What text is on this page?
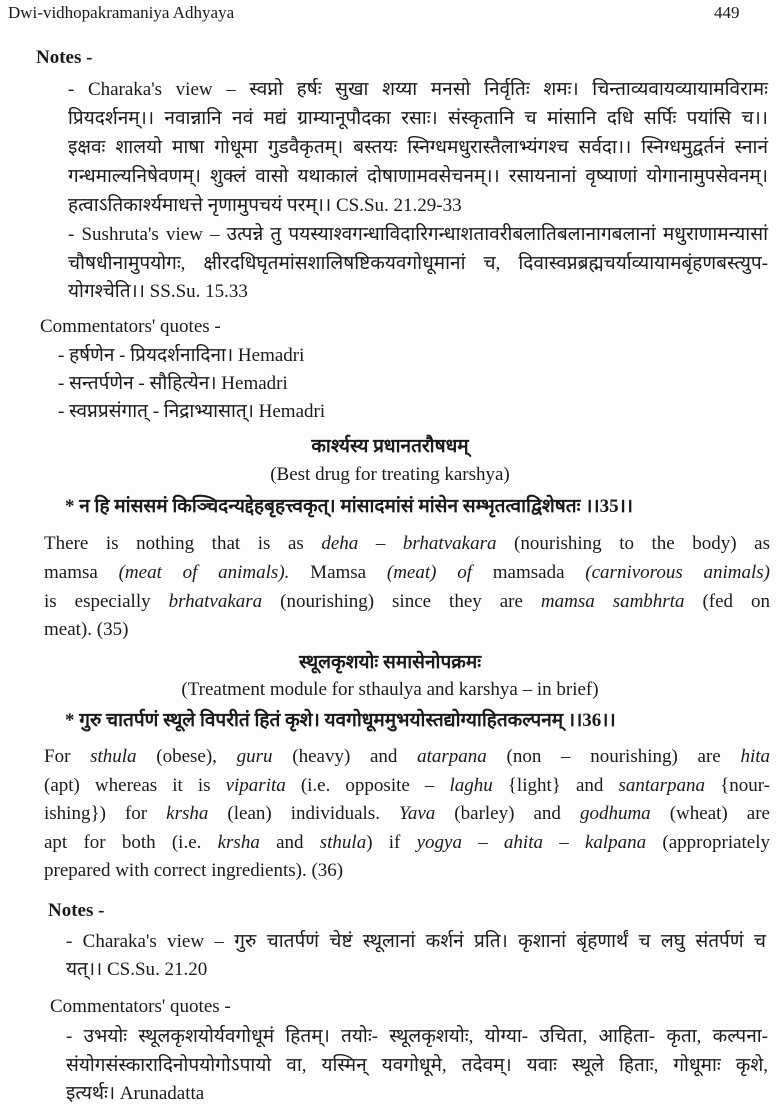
Dwi-vidhopakramaniya Adhyaya	449
Notes -
- Charaka's view – स्वप्नो हर्षः सुखा शय्या मनसो निर्वृतिः शमः। चिन्ताव्यवायव्यायामविरामः
प्रियदर्शनम्।। नवान्नानि नवं मद्यं ग्राम्यानूपौदका रसाः। संस्कृतानि च मांसानि दधि सर्पिः पयांसि च।।
इक्षवः शालयो माषा गोधूमा गुडवैकृतम्। बस्तयः स्निग्धमधुरास्तैलाभ्यंगश्च सर्वदा।। स्निग्धमुद्वर्तनं स्नानं
गन्धमाल्यनिषेवणम्। शुक्लं वासो यथाकालं दोषाणामवसेचनम्।। रसायनानां वृष्याणां योगानामुपसेवनम्।
हत्वाऽतिकार्श्यमाधत्ते नृणामुपचयं परम्।। CS.Su. 21.29-33
- Sushruta's view – उत्पन्ने तु पयस्याश्वगन्धाविदारिगन्धाशतावरीबलातिबलानागबलानां मधुराणामन्यासां
चौषधीनामुपयोगः, क्षीरदधिघृतमांसशालिषष्टिकयवगोधूमानां च, दिवास्वप्नब्रह्मचर्याव्यायामबृंहणबस्त्युप-
योगश्चेति।। SS.Su. 15.33
Commentators' quotes -
- हर्षणेन - प्रियदर्शनादिना। Hemadri
- सन्तर्पणेन - सौहित्येन। Hemadri
- स्वप्नप्रसंगात् - निद्राभ्यासात्। Hemadri
कार्श्यस्य प्रधानतरौषधम्
(Best drug for treating karshya)
* न हि मांससमं किञ्चिदन्यद्देहबृहत्त्वकृत्। मांसादमांसं मांसेन सम्भृतत्वाद्विशेषतः ।।35।।
There is nothing that is as deha – brhatvakara (nourishing to the body) as
mamsa (meat of animals). Mamsa (meat) of mamsada (carnivorous animals)
is especially brhatvakara (nourishing) since they are mamsa sambhrta (fed on
meat). (35)
स्थूलकृशयोः समासेनोपक्रमः
(Treatment module for sthaulya and karshya – in brief)
* गुरु चातर्पणं स्थूले विपरीतं हितं कृशे। यवगोधूममुभयोस्तद्योग्याहितकल्पनम् ।।36।।
For sthula (obese), guru (heavy) and atarpana (non – nourishing) are hita
(apt) whereas it is viparita (i.e. opposite – laghu {light} and santarpana {nour-
ishing}) for krsha (lean) individuals. Yava (barley) and godhuma (wheat) are
apt for both (i.e. krsha and sthula) if yogya – ahita – kalpana (appropriately
prepared with correct ingredients). (36)
Notes -
- Charaka's view – गुरु चातर्पणं चेष्टं स्थूलानां कर्शनं प्रति। कृशानां बृंहणार्थं च लघु संतर्पणं च
यत्।। CS.Su. 21.20
Commentators' quotes -
- उभयोः स्थूलकृशयोर्यवगोधूमं हितम्। तयोः- स्थूलकृशयोः, योग्या- उचिता, आहिता- कृता, कल्पना-
संयोगसंस्कारादिनोपयोगोऽपायो वा, यस्मिन् यवगोधूमे, तदेवम्। यवाः स्थूले हिताः, गोधूमाः कृशे,
इत्यर्थः। Arunadatta
